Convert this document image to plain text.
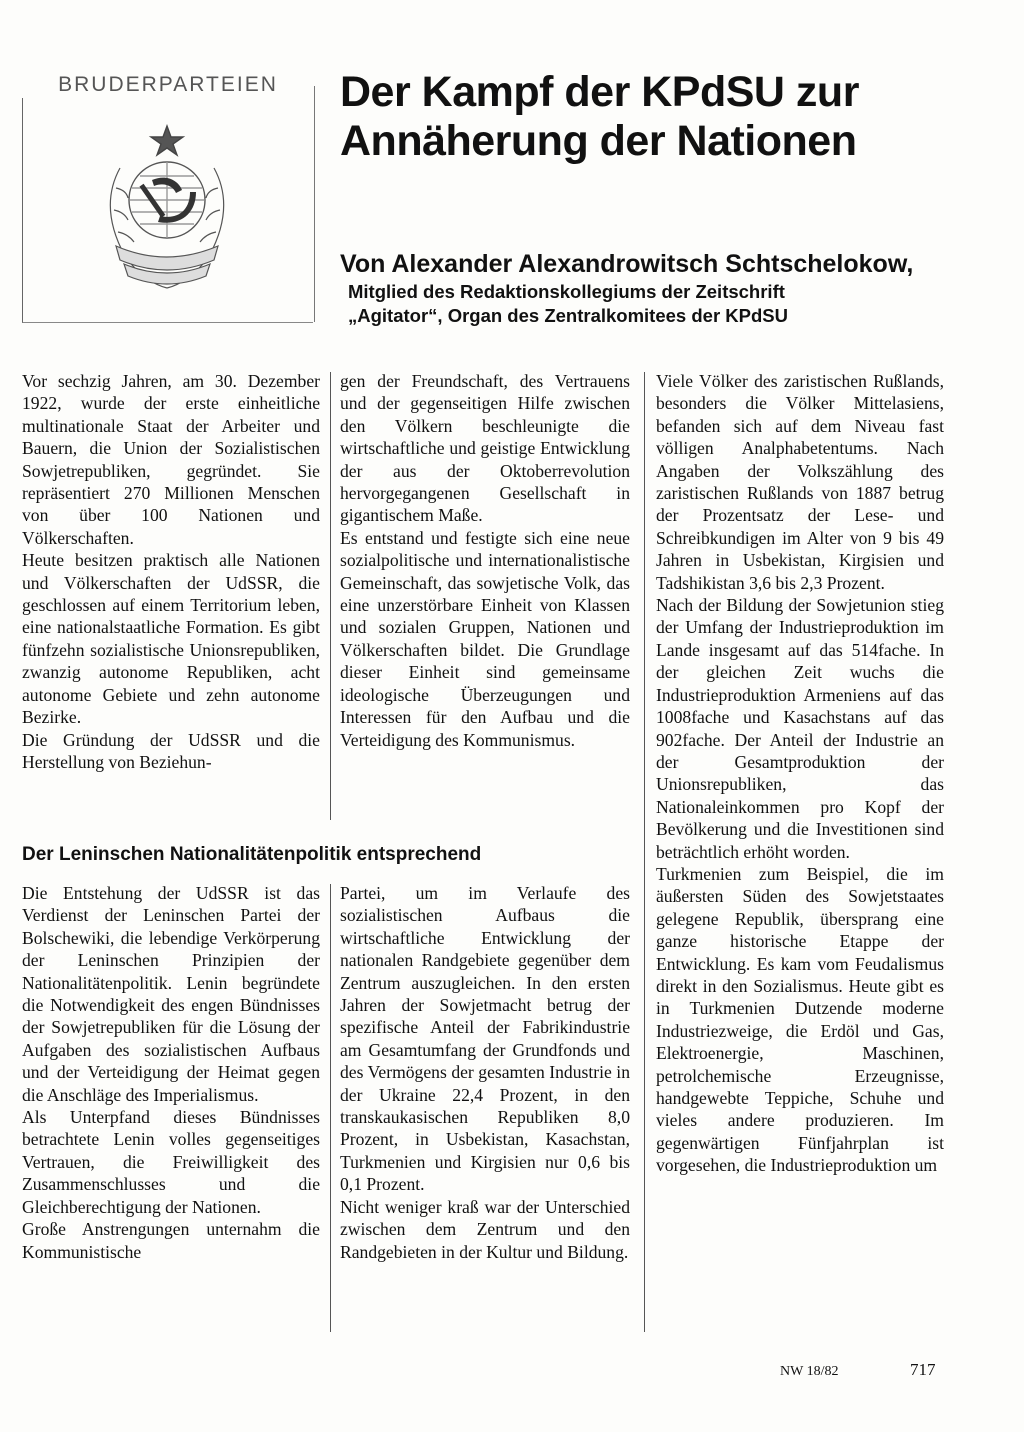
BRUDERPARTEIEN	Der Kampf der KPdSU zur
Annäherung der Nationen
Von Alexander Alexandrowitsch Schtschelokow,
Mitglied des Redaktionskollegiums der Zeitschrift
„Agitator“, Organ des Zentralkomitees der KPdSU

Vor sechzig Jahren, am 30. Dezember 1922, wurde der erste einheitliche multinationale Staat der Arbeiter und Bauern, die Union der Sozialistischen Sowjetrepubliken, gegründet. Sie repräsentiert 270 Millionen Menschen von über 100 Nationen und Völkerschaften.

Heute besitzen praktisch alle Nationen und Völkerschaften der UdSSR, die geschlossen auf einem Territorium leben, eine nationalstaatliche Formation. Es gibt fünfzehn sozialistische Unionsrepubliken, zwanzig autonome Republiken, acht autonome Gebiete und zehn autonome Bezirke.

Die Gründung der UdSSR und die Herstellung von Beziehun-

gen der Freundschaft, des Vertrauens und der gegenseitigen Hilfe zwischen den Völkern beschleunigte die wirtschaftliche und geistige Entwicklung der aus der Oktoberrevolution hervorgegangenen Gesellschaft in gigantischem Maße.

Es entstand und festigte sich eine neue sozialpolitische und internationalistische Gemeinschaft, das sowjetische Volk, das eine unzerstörbare Einheit von Klassen und sozialen Gruppen, Nationen und Völkerschaften bildet. Die Grundlage dieser Einheit sind gemeinsame ideologische Überzeugungen und Interessen für den Aufbau und die Verteidigung des Kommunismus.

Der Leninschen Nationalitätenpolitik entsprechend

Die Entstehung der UdSSR ist das Verdienst der Leninschen Partei der Bolschewiki, die lebendige Verkörperung der Leninschen Prinzipien der Nationalitätenpolitik. Lenin begründete die Notwendigkeit des engen Bündnisses der Sowjetrepubliken für die Lösung der Aufgaben des sozialistischen Aufbaus und der Verteidigung der Heimat gegen die Anschläge des Imperialismus.

Als Unterpfand dieses Bündnisses betrachtete Lenin volles gegenseitiges Vertrauen, die Freiwilligkeit des Zusammenschlusses und die Gleichberechtigung der Nationen.

Große Anstrengungen unternahm die Kommunistische

Partei, um im Verlaufe des sozialistischen Aufbaus die wirtschaftliche Entwicklung der nationalen Randgebiete gegenüber dem Zentrum auszugleichen. In den ersten Jahren der Sowjetmacht betrug der spezifische Anteil der Fabrikindustrie am Gesamtumfang der Grundfonds und des Vermögens der gesamten Industrie in der Ukraine 22,4 Prozent, in den transkaukasischen Republiken 8,0 Prozent, in Usbekistan, Kasachstan, Turkmenien und Kirgisien nur 0,6 bis 0,1 Prozent.

Nicht weniger kraß war der Unterschied zwischen dem Zentrum und den Randgebieten in der Kultur und Bildung.

Viele Völker des zaristischen Rußlands, besonders die Völker Mittelasiens, befanden sich auf dem Niveau fast völligen Analphabetentums. Nach Angaben der Volkszählung des zaristischen Rußlands von 1887 betrug der Prozentsatz der Lese- und Schreibkundigen im Alter von 9 bis 49 Jahren in Usbekistan, Kirgisien und Tadshikistan 3,6 bis 2,3 Prozent.

Nach der Bildung der Sowjetunion stieg der Umfang der Industrieproduktion im Lande insgesamt auf das 514fache. In der gleichen Zeit wuchs die Industrieproduktion Armeniens auf das 1008fache und Kasachstans auf das 902fache. Der Anteil der Industrie an der Gesamtproduktion der Unionsrepubliken, das Nationaleinkommen pro Kopf der Bevölkerung und die Investitionen sind beträchtlich erhöht worden.

Turkmenien zum Beispiel, die im äußersten Süden des Sowjetstaates gelegene Republik, übersprang eine ganze historische Etappe der Entwicklung. Es kam vom Feudalismus direkt in den Sozialismus. Heute gibt es in Turkmenien Dutzende moderne Industriezweige, die Erdöl und Gas, Elektroenergie, Maschinen, petrolchemische Erzeugnisse, handgewebte Teppiche, Schuhe und vieles andere produzieren. Im gegenwärtigen Fünfjahrplan ist vorgesehen, die Industrieproduktion um

NW 18/82	717
